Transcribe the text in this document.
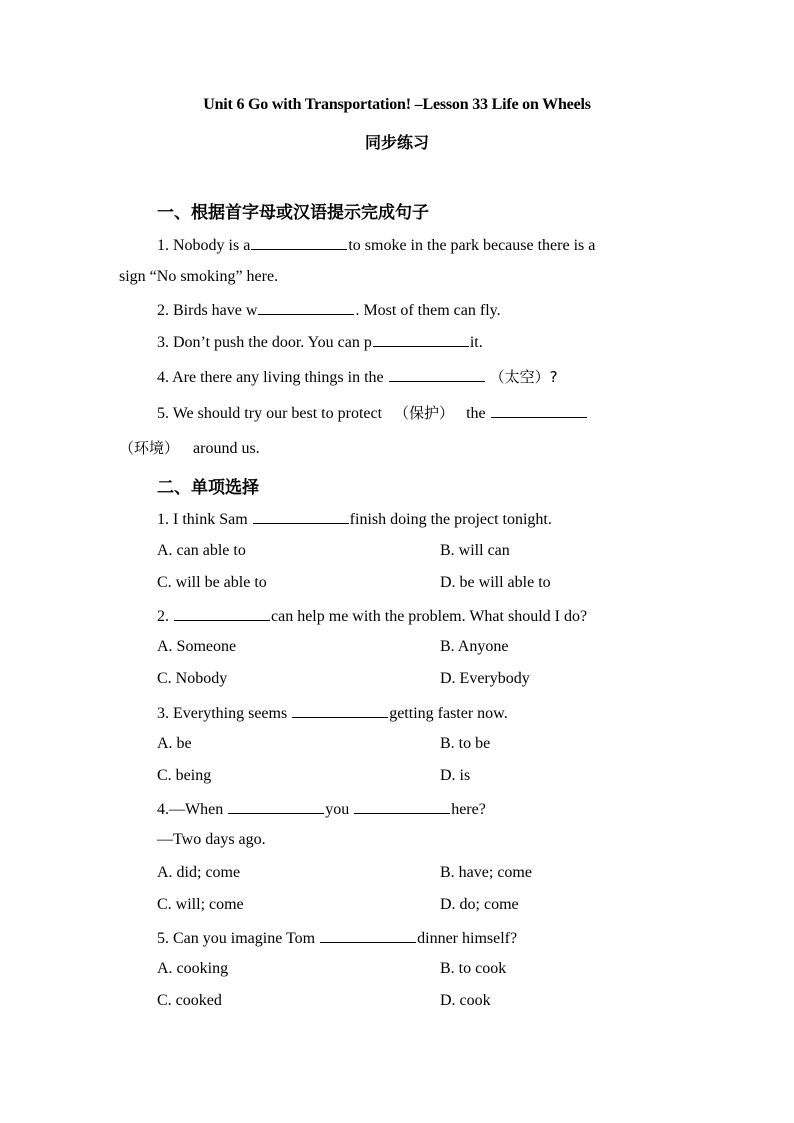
Unit 6 Go with Transportation! –Lesson 33 Life on Wheels
同步练习
一、根据首字母或汉语提示完成句子
1. Nobody is a	to smoke in the park because there is a
sign “No smoking” here.
2. Birds have w	. Most of them can fly.
3. Don’t push the door. You can p	it.
4. Are there any living things in the	（太空）?
5. We should try our best to protect （保护） the
（环境） around us.
二、单项选择
1. I think Sam	finish doing the project tonight.
A. can able to	B. will can
C. will be able to	D. be will able to
2.	can help me with the problem. What should I do?
A. Someone	B. Anyone
C. Nobody	D. Everybody
3. Everything seems	getting faster now.
A. be	B. to be
C. being	D. is
4.—When	you	here?
—Two days ago.
A. did; come	B. have; come
C. will; come	D. do; come
5. Can you imagine Tom	dinner himself?
A. cooking	B. to cook
C. cooked	D. cook
